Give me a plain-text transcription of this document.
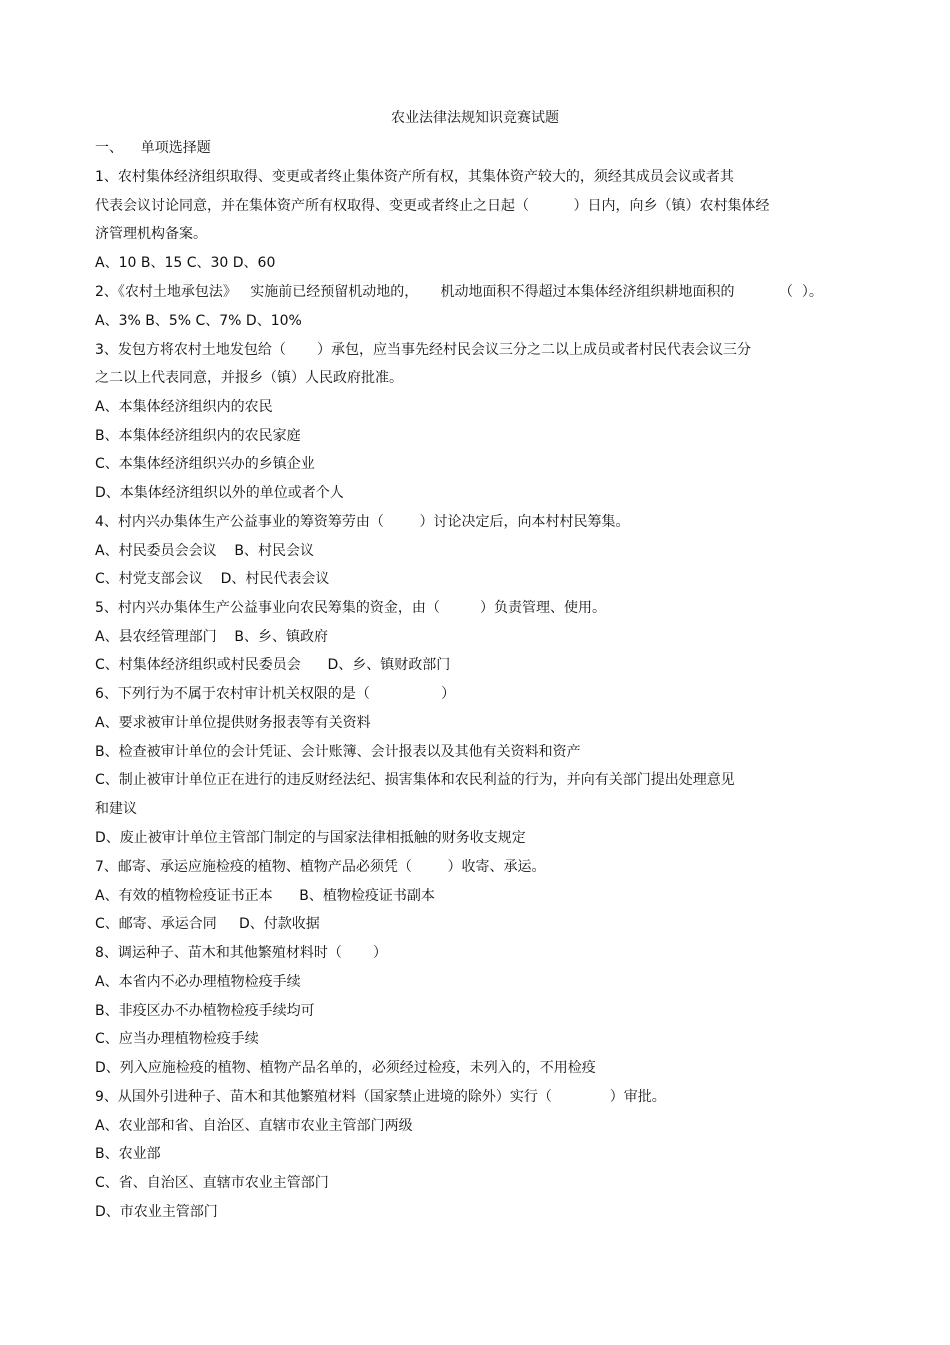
农业法律法规知识竞赛试题
一、    单项选择题
1、农村集体经济组织取得、变更或者终止集体资产所有权，其集体资产较大的，须经其成员会议或者其
代表会议讨论同意，并在集体资产所有权取得、变更或者终止之日起（          ）日内，向乡（镇）农村集体经
济管理机构备案。
A、10 B、15 C、30 D、60
2、《农村土地承包法》   实施前已经预留机动地的，     机动地面积不得超过本集体经济组织耕地面积的          （  ）。
A、3% B、5% C、7% D、10%
3、发包方将农村土地发包给（       ）承包，应当事先经村民会议三分之二以上成员或者村民代表会议三分
之二以上代表同意，并报乡（镇）人民政府批准。
A、本集体经济组织内的农民
B、本集体经济组织内的农民家庭
C、本集体经济组织兴办的乡镇企业
D、本集体经济组织以外的单位或者个人
4、村内兴办集体生产公益事业的筹资筹劳由（        ）讨论决定后，向本村村民筹集。
A、村民委员会会议    B、村民会议
C、村党支部会议    D、村民代表会议
5、村内兴办集体生产公益事业向农民筹集的资金，由（         ）负责管理、使用。
A、县农经管理部门    B、乡、镇政府
C、村集体经济组织或村民委员会      D、乡、镇财政部门
6、下列行为不属于农村审计机关权限的是（                ）
A、要求被审计单位提供财务报表等有关资料
B、检查被审计单位的会计凭证、会计账簿、会计报表以及其他有关资料和资产
C、制止被审计单位正在进行的违反财经法纪、损害集体和农民利益的行为，并向有关部门提出处理意见
和建议
D、废止被审计单位主管部门制定的与国家法律相抵触的财务收支规定
7、邮寄、承运应施检疫的植物、植物产品必须凭（        ）收寄、承运。
A、有效的植物检疫证书正本      B、植物检疫证书副本
C、邮寄、承运合同     D、付款收据
8、调运种子、苗木和其他繁殖材料时（       ）
A、本省内不必办理植物检疫手续
B、非疫区办不办植物检疫手续均可
C、应当办理植物检疫手续
D、列入应施检疫的植物、植物产品名单的，必须经过检疫，未列入的，不用检疫
9、从国外引进种子、苗木和其他繁殖材料（国家禁止进境的除外）实行（             ）审批。
A、农业部和省、自治区、直辖市农业主管部门两级
B、农业部
C、省、自治区、直辖市农业主管部门
D、市农业主管部门
